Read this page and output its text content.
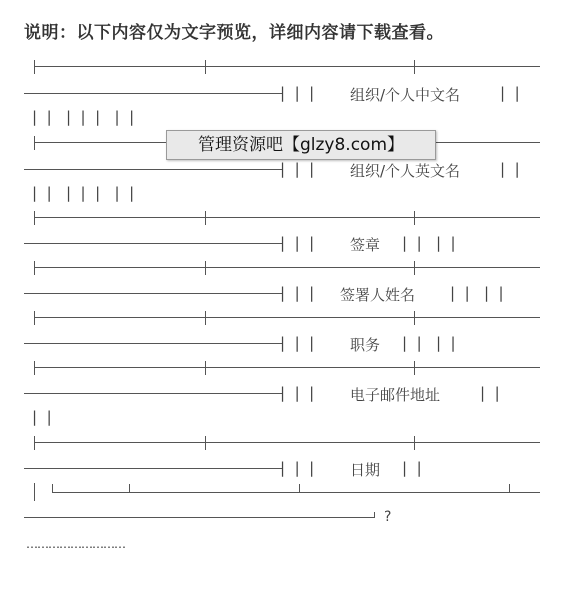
说明：以下内容仅为文字预览，详细内容请下载查看。
|  |  | 组织/个人中文名	|  |
|  |   |  |  |   |  |
|  |  | 组织/个人英文名	|  |
|  |   |  |  |   |  |
|  |  | 签章 |  |   |  |
|  |  | 签署人姓名 |  |   |  |
|  |  | 职务 |  |   |  |
|  |  | 电子邮件地址	|  |
|  |
|  |  | 日期 |  |
?
………………………
管理资源吧【glzy8.com】
